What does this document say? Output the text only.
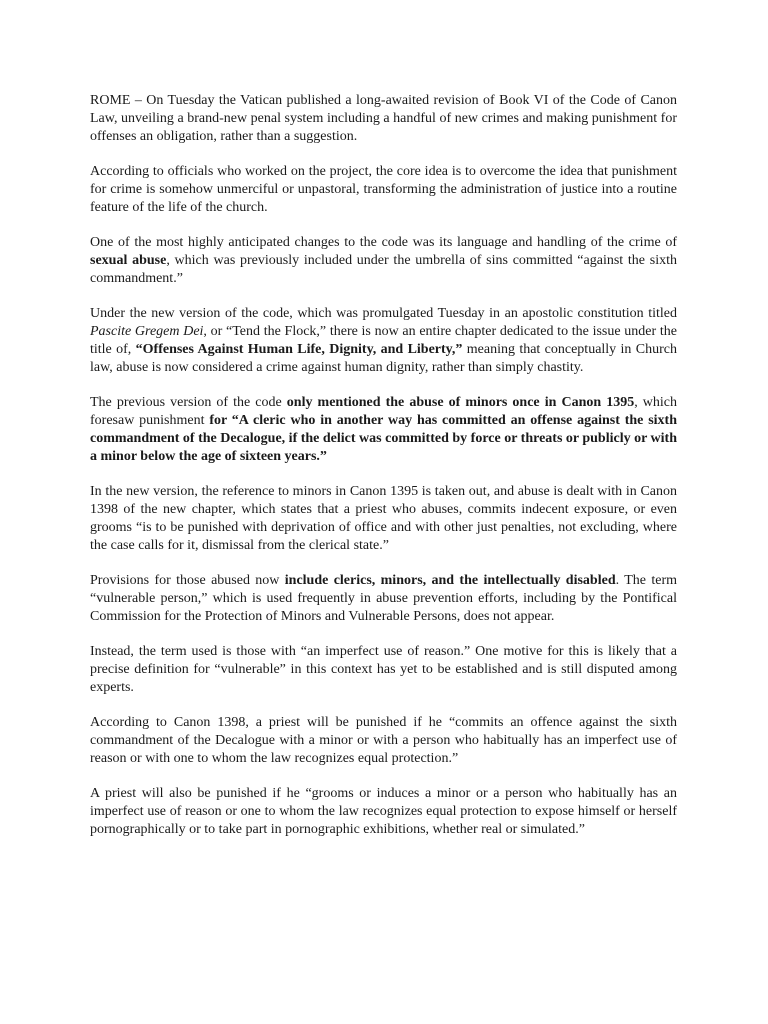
ROME – On Tuesday the Vatican published a long-awaited revision of Book VI of the Code of Canon Law, unveiling a brand-new penal system including a handful of new crimes and making punishment for offenses an obligation, rather than a suggestion.

According to officials who worked on the project, the core idea is to overcome the idea that punishment for crime is somehow unmerciful or unpastoral, transforming the administration of justice into a routine feature of the life of the church.

One of the most highly anticipated changes to the code was its language and handling of the crime of sexual abuse, which was previously included under the umbrella of sins committed “against the sixth commandment.”

Under the new version of the code, which was promulgated Tuesday in an apostolic constitution titled Pascite Gregem Dei, or “Tend the Flock,” there is now an entire chapter dedicated to the issue under the title of, “Offenses Against Human Life, Dignity, and Liberty,” meaning that conceptually in Church law, abuse is now considered a crime against human dignity, rather than simply chastity.

The previous version of the code only mentioned the abuse of minors once in Canon 1395, which foresaw punishment for “A cleric who in another way has committed an offense against the sixth commandment of the Decalogue, if the delict was committed by force or threats or publicly or with a minor below the age of sixteen years.”

In the new version, the reference to minors in Canon 1395 is taken out, and abuse is dealt with in Canon 1398 of the new chapter, which states that a priest who abuses, commits indecent exposure, or even grooms “is to be punished with deprivation of office and with other just penalties, not excluding, where the case calls for it, dismissal from the clerical state.”

Provisions for those abused now include clerics, minors, and the intellectually disabled. The term “vulnerable person,” which is used frequently in abuse prevention efforts, including by the Pontifical Commission for the Protection of Minors and Vulnerable Persons, does not appear.

Instead, the term used is those with “an imperfect use of reason.” One motive for this is likely that a precise definition for “vulnerable” in this context has yet to be established and is still disputed among experts.

According to Canon 1398, a priest will be punished if he “commits an offence against the sixth commandment of the Decalogue with a minor or with a person who habitually has an imperfect use of reason or with one to whom the law recognizes equal protection.”

A priest will also be punished if he “grooms or induces a minor or a person who habitually has an imperfect use of reason or one to whom the law recognizes equal protection to expose himself or herself pornographically or to take part in pornographic exhibitions, whether real or simulated.”
